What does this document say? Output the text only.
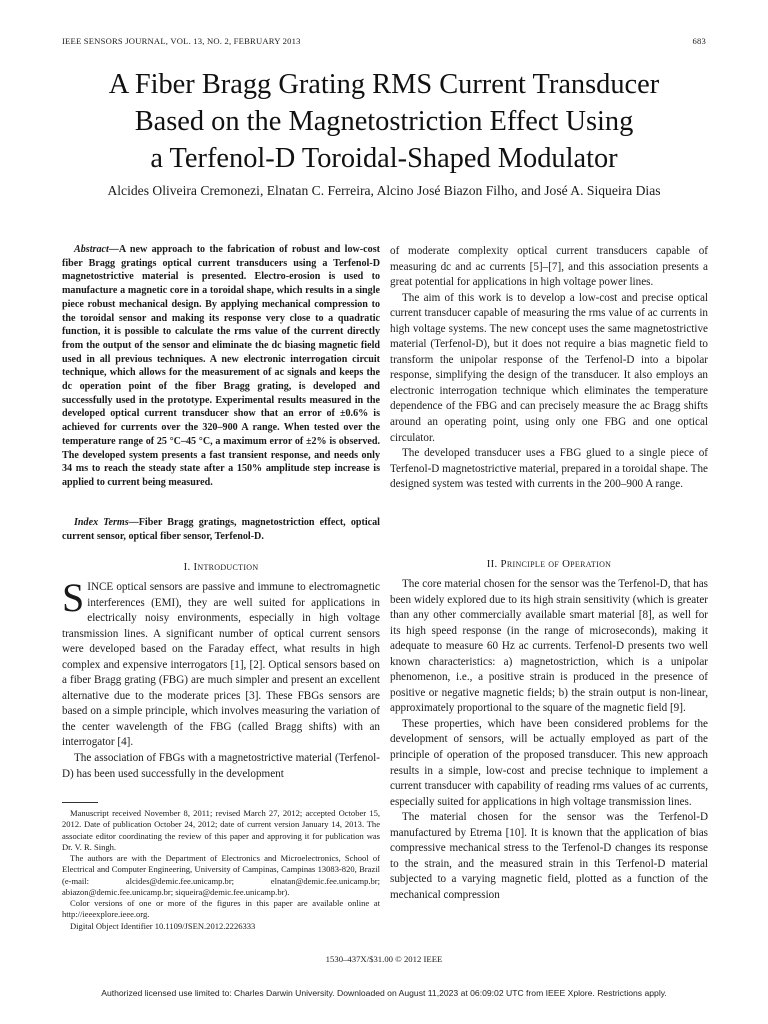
IEEE SENSORS JOURNAL, VOL. 13, NO. 2, FEBRUARY 2013	683
A Fiber Bragg Grating RMS Current Transducer
Based on the Magnetostriction Effect Using
a Terfenol-D Toroidal-Shaped Modulator
Alcides Oliveira Cremonezi, Elnatan C. Ferreira, Alcino José Biazon Filho, and José A. Siqueira Dias

Abstract—A new approach to the fabrication of robust and low-cost fiber Bragg gratings optical current transducers using a Terfenol-D magnetostrictive material is presented. Electro-erosion is used to manufacture a magnetic core in a toroidal shape, which results in a single piece robust mechanical design. By applying mechanical compression to the toroidal sensor and making its response very close to a quadratic function, it is possible to calculate the rms value of the current directly from the output of the sensor and eliminate the dc biasing magnetic field used in all previous techniques. A new electronic interrogation circuit technique, which allows for the measurement of ac signals and keeps the dc operation point of the fiber Bragg grating, is developed and successfully used in the prototype. Experimental results measured in the developed optical current transducer show that an error of ±0.6% is achieved for currents over the 320–900 A range. When tested over the temperature range of 25 °C–45 °C, a maximum error of ±2% is observed. The developed system presents a fast transient response, and needs only 34 ms to reach the steady state after a 150% amplitude step increase is applied to current being measured.

Index Terms—Fiber Bragg gratings, magnetostriction effect, optical current sensor, optical fiber sensor, Terfenol-D.

I. Introduction

SINCE optical sensors are passive and immune to electromagnetic interferences (EMI), they are well suited for applications in electrically noisy environments, especially in high voltage transmission lines. A significant number of optical current sensors were developed based on the Faraday effect, what results in high complex and expensive interrogators [1], [2]. Optical sensors based on a fiber Bragg grating (FBG) are much simpler and present an excellent alternative due to the moderate prices [3]. These FBGs sensors are based on a simple principle, which involves measuring the variation of the center wavelength of the FBG (called Bragg shifts) with an interrogator [4].

The association of FBGs with a magnetostrictive material (Terfenol-D) has been used successfully in the development

Manuscript received November 8, 2011; revised March 27, 2012; accepted October 15, 2012. Date of publication October 24, 2012; date of current version January 14, 2013. The associate editor coordinating the review of this paper and approving it for publication was Dr. V. R. Singh.

The authors are with the Department of Electronics and Microelectronics, School of Electrical and Computer Engineering, University of Campinas, Campinas 13083-820, Brazil (e-mail: alcides@demic.fee.unicamp.br; elnatan@demic.fee.unicamp.br; abiazon@demic.fee.unicamp.br; siqueira@demic.fee.unicamp.br).

Color versions of one or more of the figures in this paper are available online at http://ieeexplore.ieee.org.

Digital Object Identifier 10.1109/JSEN.2012.2226333

of moderate complexity optical current transducers capable of measuring dc and ac currents [5]–[7], and this association presents a great potential for applications in high voltage power lines.

The aim of this work is to develop a low-cost and precise optical current transducer capable of measuring the rms value of ac currents in high voltage systems. The new concept uses the same magnetostrictive material (Terfenol-D), but it does not require a bias magnetic field to transform the unipolar response of the Terfenol-D into a bipolar response, simplifying the design of the transducer. It also employs an electronic interrogation technique which eliminates the temperature dependence of the FBG and can precisely measure the ac Bragg shifts around an operating point, using only one FBG and one optical circulator.

The developed transducer uses a FBG glued to a single piece of Terfenol-D magnetostrictive material, prepared in a toroidal shape. The designed system was tested with currents in the 200–900 A range.

II. Principle of Operation

The core material chosen for the sensor was the Terfenol-D, that has been widely explored due to its high strain sensitivity (which is greater than any other commercially available smart material [8], as well for its high speed response (in the range of microseconds), making it adequate to measure 60 Hz ac currents. Terfenol-D presents two well known characteristics: a) magnetostriction, which is a unipolar phenomenon, i.e., a positive strain is produced in the presence of positive or negative magnetic fields; b) the strain output is non-linear, approximately proportional to the square of the magnetic field [9].

These properties, which have been considered problems for the development of sensors, will be actually employed as part of the principle of operation of the proposed transducer. This new approach results in a simple, low-cost and precise technique to implement a current transducer with capability of reading rms values of ac currents, especially suited for applications in high voltage transmission lines.

The material chosen for the sensor was the Terfenol-D manufactured by Etrema [10]. It is known that the application of bias compressive mechanical stress to the Terfenol-D changes its response to the strain, and the measured strain in this Terfenol-D material subjected to a varying magnetic field, plotted as a function of the mechanical compression

1530–437X/$31.00 © 2012 IEEE
Authorized licensed use limited to: Charles Darwin University. Downloaded on August 11,2023 at 06:09:02 UTC from IEEE Xplore. Restrictions apply.
